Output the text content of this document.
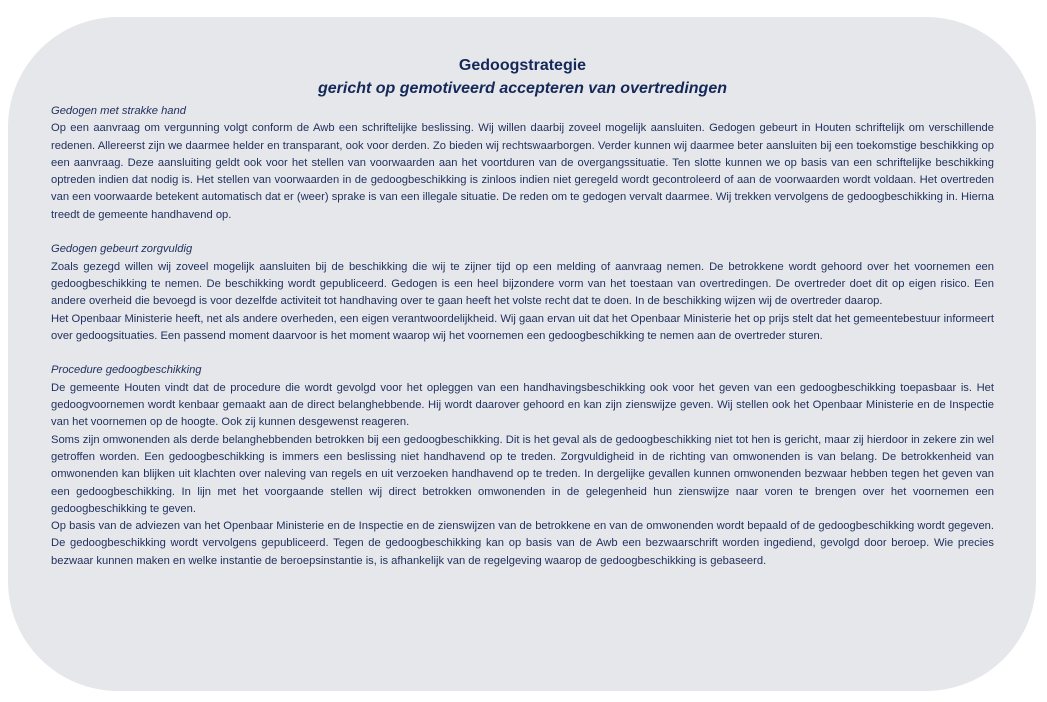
Gedoogstrategie
gericht op gemotiveerd accepteren van overtredingen

Gedogen met strakke hand

Op een aanvraag om vergunning volgt conform de Awb een schriftelijke beslissing. Wij willen daarbij zoveel mogelijk aansluiten. Gedogen gebeurt in Houten schriftelijk om verschillende redenen. Allereerst zijn we daarmee helder en transparant, ook voor derden. Zo bieden wij rechtswaarborgen. Verder kunnen wij daarmee beter aansluiten bij een toekomstige beschikking op een aanvraag. Deze aansluiting geldt ook voor het stellen van voorwaarden aan het voortduren van de overgangssituatie. Ten slotte kunnen we op basis van een schriftelijke beschikking optreden indien dat nodig is. Het stellen van voorwaarden in de gedoogbeschikking is zinloos indien niet geregeld wordt gecontroleerd of aan de voorwaarden wordt voldaan. Het overtreden van een voorwaarde betekent automatisch dat er (weer) sprake is van een illegale situatie. De reden om te gedogen vervalt daarmee. Wij trekken vervolgens de gedoogbeschikking in. Hierna treedt de gemeente handhavend op.

Gedogen gebeurt zorgvuldig

Zoals gezegd willen wij zoveel mogelijk aansluiten bij de beschikking die wij te zijner tijd op een melding of aanvraag nemen. De betrokkene wordt gehoord over het voornemen een gedoogbeschikking te nemen. De beschikking wordt gepubliceerd. Gedogen is een heel bijzondere vorm van het toestaan van overtredingen. De overtreder doet dit op eigen risico. Een andere overheid die bevoegd is voor dezelfde activiteit tot handhaving over te gaan heeft het volste recht dat te doen. In de beschikking wijzen wij de overtreder daarop.

Het Openbaar Ministerie heeft, net als andere overheden, een eigen verantwoordelijkheid. Wij gaan ervan uit dat het Openbaar Ministerie het op prijs stelt dat het gemeentebestuur informeert over gedoogsituaties. Een passend moment daarvoor is het moment waarop wij het voornemen een gedoogbeschikking te nemen aan de overtreder sturen.

Procedure gedoogbeschikking

De gemeente Houten vindt dat de procedure die wordt gevolgd voor het opleggen van een handhavingsbeschikking ook voor het geven van een gedoogbeschikking toepasbaar is. Het gedoogvoornemen wordt kenbaar gemaakt aan de direct belanghebbende. Hij wordt daarover gehoord en kan zijn zienswijze geven. Wij stellen ook het Openbaar Ministerie en de Inspectie van het voornemen op de hoogte. Ook zij kunnen desgewenst reageren.

Soms zijn omwonenden als derde belanghebbenden betrokken bij een gedoogbeschikking. Dit is het geval als de gedoogbeschikking niet tot hen is gericht, maar zij hierdoor in zekere zin wel getroffen worden. Een gedoogbeschikking is immers een beslissing niet handhavend op te treden. Zorgvuldigheid in de richting van omwonenden is van belang. De betrokkenheid van omwonenden kan blijken uit klachten over naleving van regels en uit verzoeken handhavend op te treden. In dergelijke gevallen kunnen omwonenden bezwaar hebben tegen het geven van een gedoogbeschikking. In lijn met het voorgaande stellen wij direct betrokken omwonenden in de gelegenheid hun zienswijze naar voren te brengen over het voornemen een gedoogbeschikking te geven.

Op basis van de adviezen van het Openbaar Ministerie en de Inspectie en de zienswijzen van de betrokkene en van de omwonenden wordt bepaald of de gedoogbeschikking wordt gegeven. De gedoogbeschikking wordt vervolgens gepubliceerd. Tegen de gedoogbeschikking kan op basis van de Awb een bezwaarschrift worden ingediend, gevolgd door beroep. Wie precies bezwaar kunnen maken en welke instantie de beroepsinstantie is, is afhankelijk van de regelgeving waarop de gedoogbeschikking is gebaseerd.
